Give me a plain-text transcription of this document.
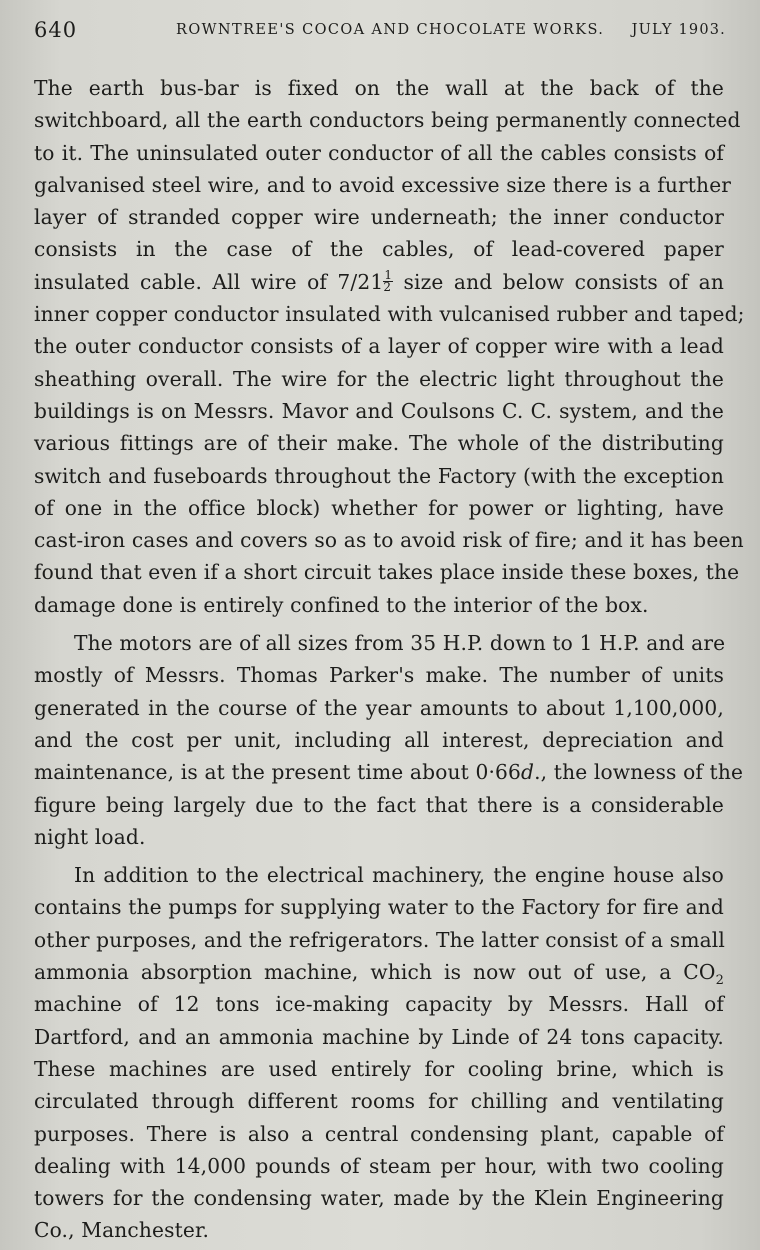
640	ROWNTREE'S COCOA AND CHOCOLATE WORKS. JULY 1903.
The earth bus-bar is fixed on the wall at the back of the
switchboard, all the earth conductors being permanently connected
to it. The uninsulated outer conductor of all the cables consists of
galvanised steel wire, and to avoid excessive size there is a further
layer of stranded copper wire underneath; the inner conductor
consists in the case of the cables, of lead-covered paper
insulated cable. All wire of $7/21 \frac{1}{2}$ size and below consists of an
inner copper conductor insulated with vulcanised rubber and taped;
the outer conductor consists of a layer of copper wire with a lead
sheathing overall. The wire for the electric light throughout the
buildings is on Messrs. Mavor and Coulsons C. C. system, and the
various fittings are of their make. The whole of the distributing
switch and fuseboards throughout the Factory (with the exception
of one in the office block) whether for power or lighting, have
cast-iron cases and covers so as to avoid risk of fire; and it has been
found that even if a short circuit takes place inside these boxes, the
damage done is entirely confined to the interior of the box.
The motors are of all sizes from 35 H.P. down to 1 H.P. and are
mostly of Messrs. Thomas Parker's make. The number of units
generated in the course of the year amounts to about 1,100,000,
and the cost per unit, including all interest, depreciation and
maintenance, is at the present time about 0·66d., the lowness of the
figure being largely due to the fact that there is a considerable
night load.
In addition to the electrical machinery, the engine house also
contains the pumps for supplying water to the Factory for fire and
other purposes, and the refrigerators. The latter consist of a small
ammonia absorption machine, which is now out of use, a $CO_2$
machine of 12 tons ice-making capacity by Messrs. Hall of
Dartford, and an ammonia machine by Linde of 24 tons capacity.
These machines are used entirely for cooling brine, which is
circulated through different rooms for chilling and ventilating
purposes. There is also a central condensing plant, capable of
dealing with 14,000 pounds of steam per hour, with two cooling
towers for the condensing water, made by the Klein Engineering
Co., Manchester.
